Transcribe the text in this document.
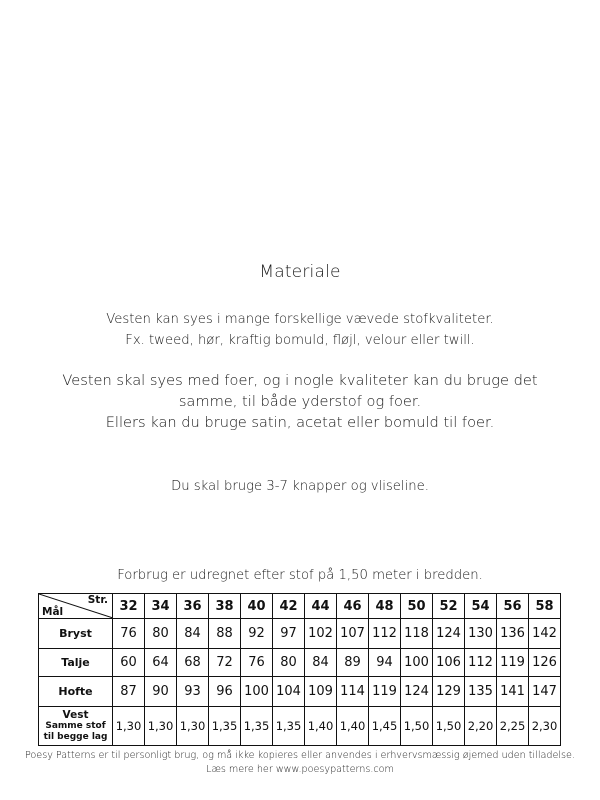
Materiale
Vesten kan syes i mange forskellige vævede stofkvaliteter.
Fx. tweed, hør, kraftig bomuld, fløjl, velour eller twill.
Vesten skal syes med foer, og i nogle kvaliteter kan du bruge det
samme, til både yderstof og foer.
Ellers kan du bruge satin, acetat eller bomuld til foer.
Du skal bruge 3-7 knapper og vliseline.
Forbrug er udregnet efter stof på 1,50 meter i bredden.
Str.
Mål	32	34	36	38	40	42	44	46	48	50	52	54	56	58
Bryst	76	80	84	88	92	97	102	107	112	118	124	130	136	142
Talje	60	64	68	72	76	80	84	89	94	100	106	112	119	126
Hofte	87	90	93	96	100	104	109	114	119	124	129	135	141	147

Vest
Samme stof til begge lag	1,30	1,30	1,30	1,35	1,35	1,35	1,40	1,40	1,45	1,50	1,50	2,20	2,25	2,30
Poesy Patterns er til personligt brug, og må ikke kopieres eller anvendes i erhvervsmæssig øjemed uden tilladelse.
Læs mere her www.poesypatterns.com
